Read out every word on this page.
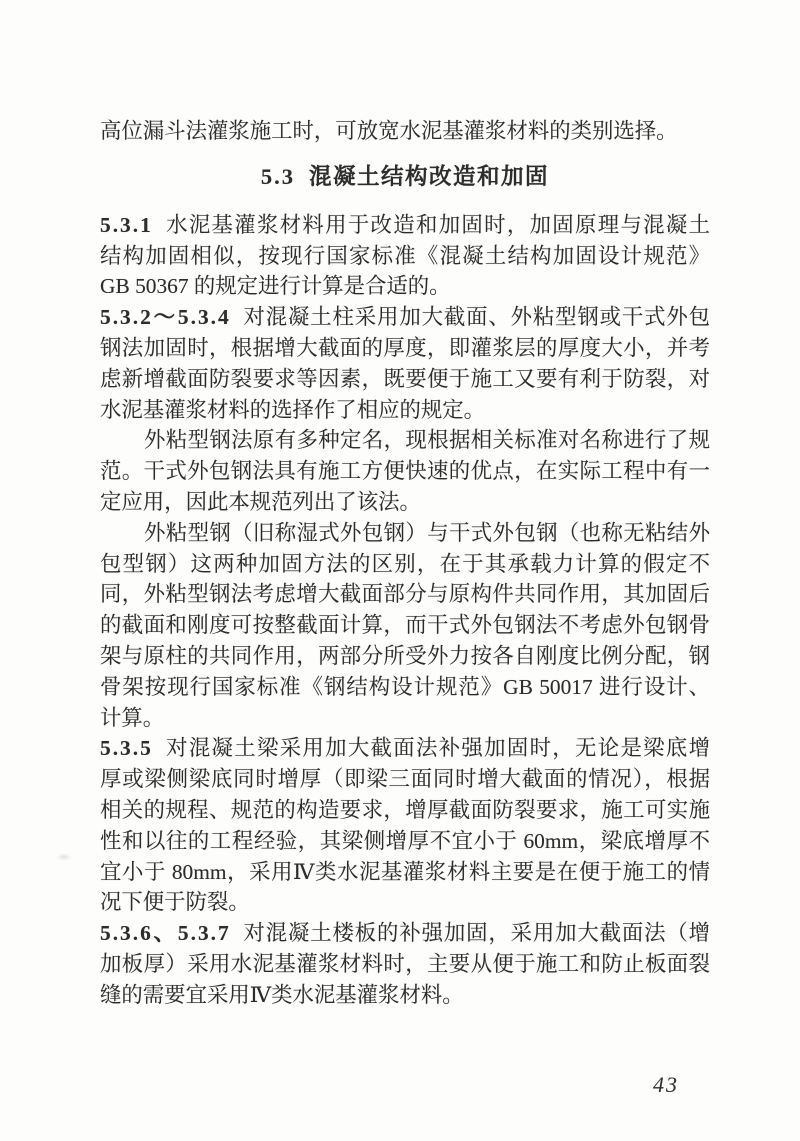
高位漏斗法灌浆施工时，可放宽水泥基灌浆材料的类别选择。
5.3 混凝土结构改造和加固
5.3.1 水泥基灌浆材料用于改造和加固时，加固原理与混凝土
结构加固相似，按现行国家标准《混凝土结构加固设计规范》
GB 50367 的规定进行计算是合适的。
5.3.2～5.3.4 对混凝土柱采用加大截面、外粘型钢或干式外包
钢法加固时，根据增大截面的厚度，即灌浆层的厚度大小，并考
虑新增截面防裂要求等因素，既要便于施工又要有利于防裂，对
水泥基灌浆材料的选择作了相应的规定。
外粘型钢法原有多种定名，现根据相关标准对名称进行了规
范。干式外包钢法具有施工方便快速的优点，在实际工程中有一
定应用，因此本规范列出了该法。
外粘型钢（旧称湿式外包钢）与干式外包钢（也称无粘结外
包型钢）这两种加固方法的区别，在于其承载力计算的假定不
同，外粘型钢法考虑增大截面部分与原构件共同作用，其加固后
的截面和刚度可按整截面计算，而干式外包钢法不考虑外包钢骨
架与原柱的共同作用，两部分所受外力按各自刚度比例分配，钢
骨架按现行国家标准《钢结构设计规范》GB 50017 进行设计、
计算。
5.3.5 对混凝土梁采用加大截面法补强加固时，无论是梁底增
厚或梁侧梁底同时增厚（即梁三面同时增大截面的情况），根据
相关的规程、规范的构造要求，增厚截面防裂要求，施工可实施
性和以往的工程经验，其梁侧增厚不宜小于 60mm，梁底增厚不
宜小于 80mm，采用Ⅳ类水泥基灌浆材料主要是在便于施工的情
况下便于防裂。
5.3.6、5.3.7 对混凝土楼板的补强加固，采用加大截面法（增
加板厚）采用水泥基灌浆材料时，主要从便于施工和防止板面裂
缝的需要宜采用Ⅳ类水泥基灌浆材料。
43
